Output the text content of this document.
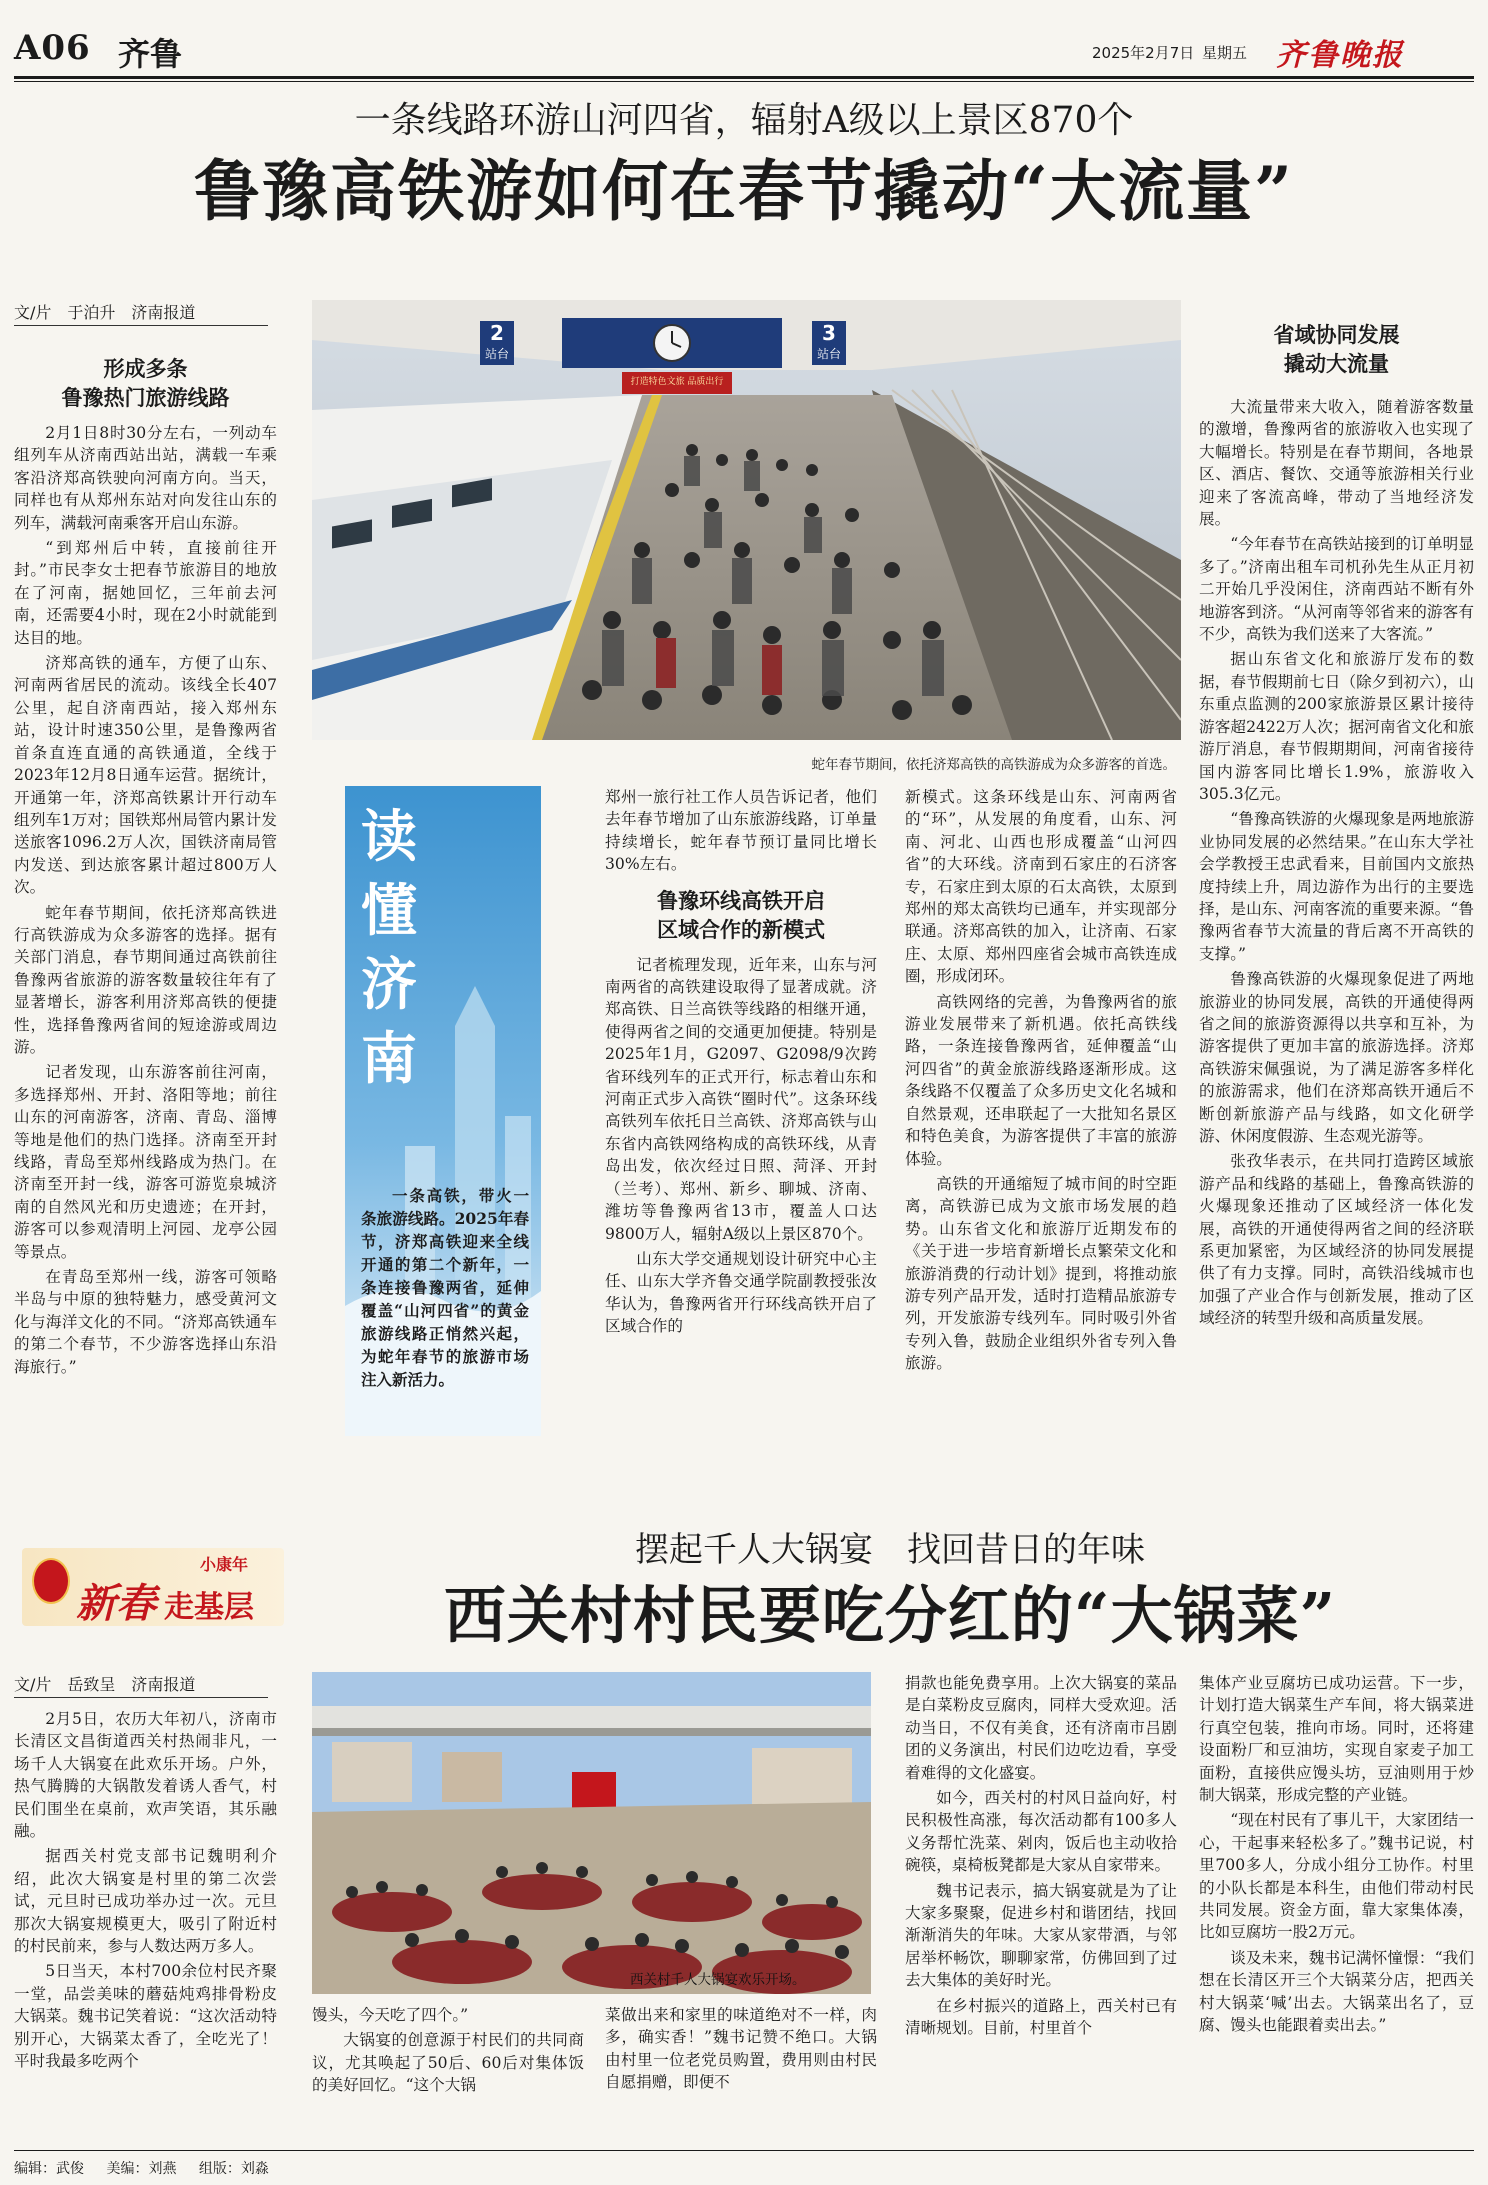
A06 齐鲁	2025年2月7日 星期五 齐鲁晚报
一条线路环游山河四省，辐射A级以上景区870个
鲁豫高铁游如何在春节撬动“大流量”
文/片　于泊升　济南报道
形成多条
鲁豫热门旅游线路

2月1日8时30分左右，一列动车组列车从济南西站出站，满载一车乘客沿济郑高铁驶向河南方向。当天，同样也有从郑州东站对向发往山东的列车，满载河南乘客开启山东游。

“到郑州后中转，直接前往开封。”市民李女士把春节旅游目的地放在了河南，据她回忆，三年前去河南，还需要4小时，现在2小时就能到达目的地。

济郑高铁的通车，方便了山东、河南两省居民的流动。该线全长407公里，起自济南西站，接入郑州东站，设计时速350公里，是鲁豫两省首条直连直通的高铁通道，全线于2023年12月8日通车运营。据统计，开通第一年，济郑高铁累计开行动车组列车1万对；国铁郑州局管内累计发送旅客1096.2万人次，国铁济南局管内发送、到达旅客累计超过800万人次。

蛇年春节期间，依托济郑高铁进行高铁游成为众多游客的选择。据有关部门消息，春节期间通过高铁前往鲁豫两省旅游的游客数量较往年有了显著增长，游客利用济郑高铁的便捷性，选择鲁豫两省间的短途游或周边游。

记者发现，山东游客前往河南，多选择郑州、开封、洛阳等地；前往山东的河南游客，济南、青岛、淄博等地是他们的热门选择。济南至开封线路，青岛至郑州线路成为热门。在济南至开封一线，游客可游览泉城济南的自然风光和历史遗迹；在开封，游客可以参观清明上河园、龙亭公园等景点。

在青岛至郑州一线，游客可领略半岛与中原的独特魅力，感受黄河文化与海洋文化的不同。“济郑高铁通车的第二个春节，不少游客选择山东沿海旅行。”

2
站台
3
站台
打造特色文旅 品质出行
蛇年春节期间，依托济郑高铁的高铁游成为众多游客的首选。
读
懂
济
南
一条高铁，带火一条旅游线路。2025年春节，济郑高铁迎来全线开通的第二个新年，一条连接鲁豫两省，延伸覆盖“山河四省”的黄金旅游线路正悄然兴起，为蛇年春节的旅游市场注入新活力。

郑州一旅行社工作人员告诉记者，他们去年春节增加了山东旅游线路，订单量持续增长，蛇年春节预订量同比增长30%左右。

鲁豫环线高铁开启
区域合作的新模式

记者梳理发现，近年来，山东与河南两省的高铁建设取得了显著成就。济郑高铁、日兰高铁等线路的相继开通，使得两省之间的交通更加便捷。特别是2025年1月，G2097、G2098/9次跨省环线列车的正式开行，标志着山东和河南正式步入高铁“圈时代”。这条环线高铁列车依托日兰高铁、济郑高铁与山东省内高铁网络构成的高铁环线，从青岛出发，依次经过日照、菏泽、开封（兰考）、郑州、新乡、聊城、济南、潍坊等鲁豫两省13市，覆盖人口达9800万人，辐射A级以上景区870个。

山东大学交通规划设计研究中心主任、山东大学齐鲁交通学院副教授张汝华认为，鲁豫两省开行环线高铁开启了区域合作的

新模式。这条环线是山东、河南两省的“环”，从发展的角度看，山东、河南、河北、山西也形成覆盖“山河四省”的大环线。济南到石家庄的石济客专，石家庄到太原的石太高铁，太原到郑州的郑太高铁均已通车，并实现部分联通。济郑高铁的加入，让济南、石家庄、太原、郑州四座省会城市高铁连成圈，形成闭环。

高铁网络的完善，为鲁豫两省的旅游业发展带来了新机遇。依托高铁线路，一条连接鲁豫两省，延伸覆盖“山河四省”的黄金旅游线路逐渐形成。这条线路不仅覆盖了众多历史文化名城和自然景观，还串联起了一大批知名景区和特色美食，为游客提供了丰富的旅游体验。

高铁的开通缩短了城市间的时空距离，高铁游已成为文旅市场发展的趋势。山东省文化和旅游厅近期发布的《关于进一步培育新增长点繁荣文化和旅游消费的行动计划》提到，将推动旅游专列产品开发，适时打造精品旅游专列，开发旅游专线列车。同时吸引外省专列入鲁，鼓励企业组织外省专列入鲁旅游。

省域协同发展
撬动大流量

大流量带来大收入，随着游客数量的激增，鲁豫两省的旅游收入也实现了大幅增长。特别是在春节期间，各地景区、酒店、餐饮、交通等旅游相关行业迎来了客流高峰，带动了当地经济发展。

“今年春节在高铁站接到的订单明显多了。”济南出租车司机孙先生从正月初二开始几乎没闲住，济南西站不断有外地游客到济。“从河南等邻省来的游客有不少，高铁为我们送来了大客流。”

据山东省文化和旅游厅发布的数据，春节假期前七日（除夕到初六），山东重点监测的200家旅游景区累计接待游客超2422万人次；据河南省文化和旅游厅消息，春节假期期间，河南省接待国内游客同比增长1.9%，旅游收入305.3亿元。

“鲁豫高铁游的火爆现象是两地旅游业协同发展的必然结果。”在山东大学社会学教授王忠武看来，目前国内文旅热度持续上升，周边游作为出行的主要选择，是山东、河南客流的重要来源。“鲁豫两省春节大流量的背后离不开高铁的支撑。”

鲁豫高铁游的火爆现象促进了两地旅游业的协同发展，高铁的开通使得两省之间的旅游资源得以共享和互补，为游客提供了更加丰富的旅游选择。济郑高铁游宋佩强说，为了满足游客多样化的旅游需求，他们在济郑高铁开通后不断创新旅游产品与线路，如文化研学游、休闲度假游、生态观光游等。

张孜华表示，在共同打造跨区域旅游产品和线路的基础上，鲁豫高铁游的火爆现象还推动了区域经济一体化发展，高铁的开通使得两省之间的经济联系更加紧密，为区域经济的协同发展提供了有力支撑。同时，高铁沿线城市也加强了产业合作与创新发展，推动了区域经济的转型升级和高质量发展。

小康年
新春 走基层
摆起千人大锅宴　找回昔日的年味
西关村村民要吃分红的“大锅菜”
文/片　岳致呈　济南报道

2月5日，农历大年初八，济南市长清区文昌街道西关村热闹非凡，一场千人大锅宴在此欢乐开场。户外，热气腾腾的大锅散发着诱人香气，村民们围坐在桌前，欢声笑语，其乐融融。

据西关村党支部书记魏明利介绍，此次大锅宴是村里的第二次尝试，元旦时已成功举办过一次。元旦那次大锅宴规模更大，吸引了附近村的村民前来，参与人数达两万多人。

5日当天，本村700余位村民齐聚一堂，品尝美味的蘑菇炖鸡排骨粉皮大锅菜。魏书记笑着说：“这次活动特别开心，大锅菜太香了，全吃光了！平时我最多吃两个

西关村千人大锅宴欢乐开场。

馒头，今天吃了四个。”

大锅宴的创意源于村民们的共同商议，尤其唤起了50后、60后对集体饭的美好回忆。“这个大锅

菜做出来和家里的味道绝对不一样，肉多，确实香！”魏书记赞不绝口。大锅由村里一位老党员购置，费用则由村民自愿捐赠，即便不

捐款也能免费享用。上次大锅宴的菜品是白菜粉皮豆腐肉，同样大受欢迎。活动当日，不仅有美食，还有济南市吕剧团的义务演出，村民们边吃边看，享受着难得的文化盛宴。

如今，西关村的村风日益向好，村民积极性高涨，每次活动都有100多人义务帮忙洗菜、剁肉，饭后也主动收拾碗筷，桌椅板凳都是大家从自家带来。

魏书记表示，搞大锅宴就是为了让大家多聚聚，促进乡村和谐团结，找回渐渐消失的年味。大家从家带酒，与邻居举杯畅饮，聊聊家常，仿佛回到了过去大集体的美好时光。

在乡村振兴的道路上，西关村已有清晰规划。目前，村里首个

集体产业豆腐坊已成功运营。下一步，计划打造大锅菜生产车间，将大锅菜进行真空包装，推向市场。同时，还将建设面粉厂和豆油坊，实现自家麦子加工面粉，直接供应馒头坊，豆油则用于炒制大锅菜，形成完整的产业链。

“现在村民有了事儿干，大家团结一心，干起事来轻松多了。”魏书记说，村里700多人，分成小组分工协作。村里的小队长都是本科生，由他们带动村民共同发展。资金方面，靠大家集体凑，比如豆腐坊一股2万元。

谈及未来，魏书记满怀憧憬：“我们想在长清区开三个大锅菜分店，把西关村大锅菜‘喊’出去。大锅菜出名了，豆腐、馒头也能跟着卖出去。”

编辑：武俊 美编：刘燕 组版：刘淼
